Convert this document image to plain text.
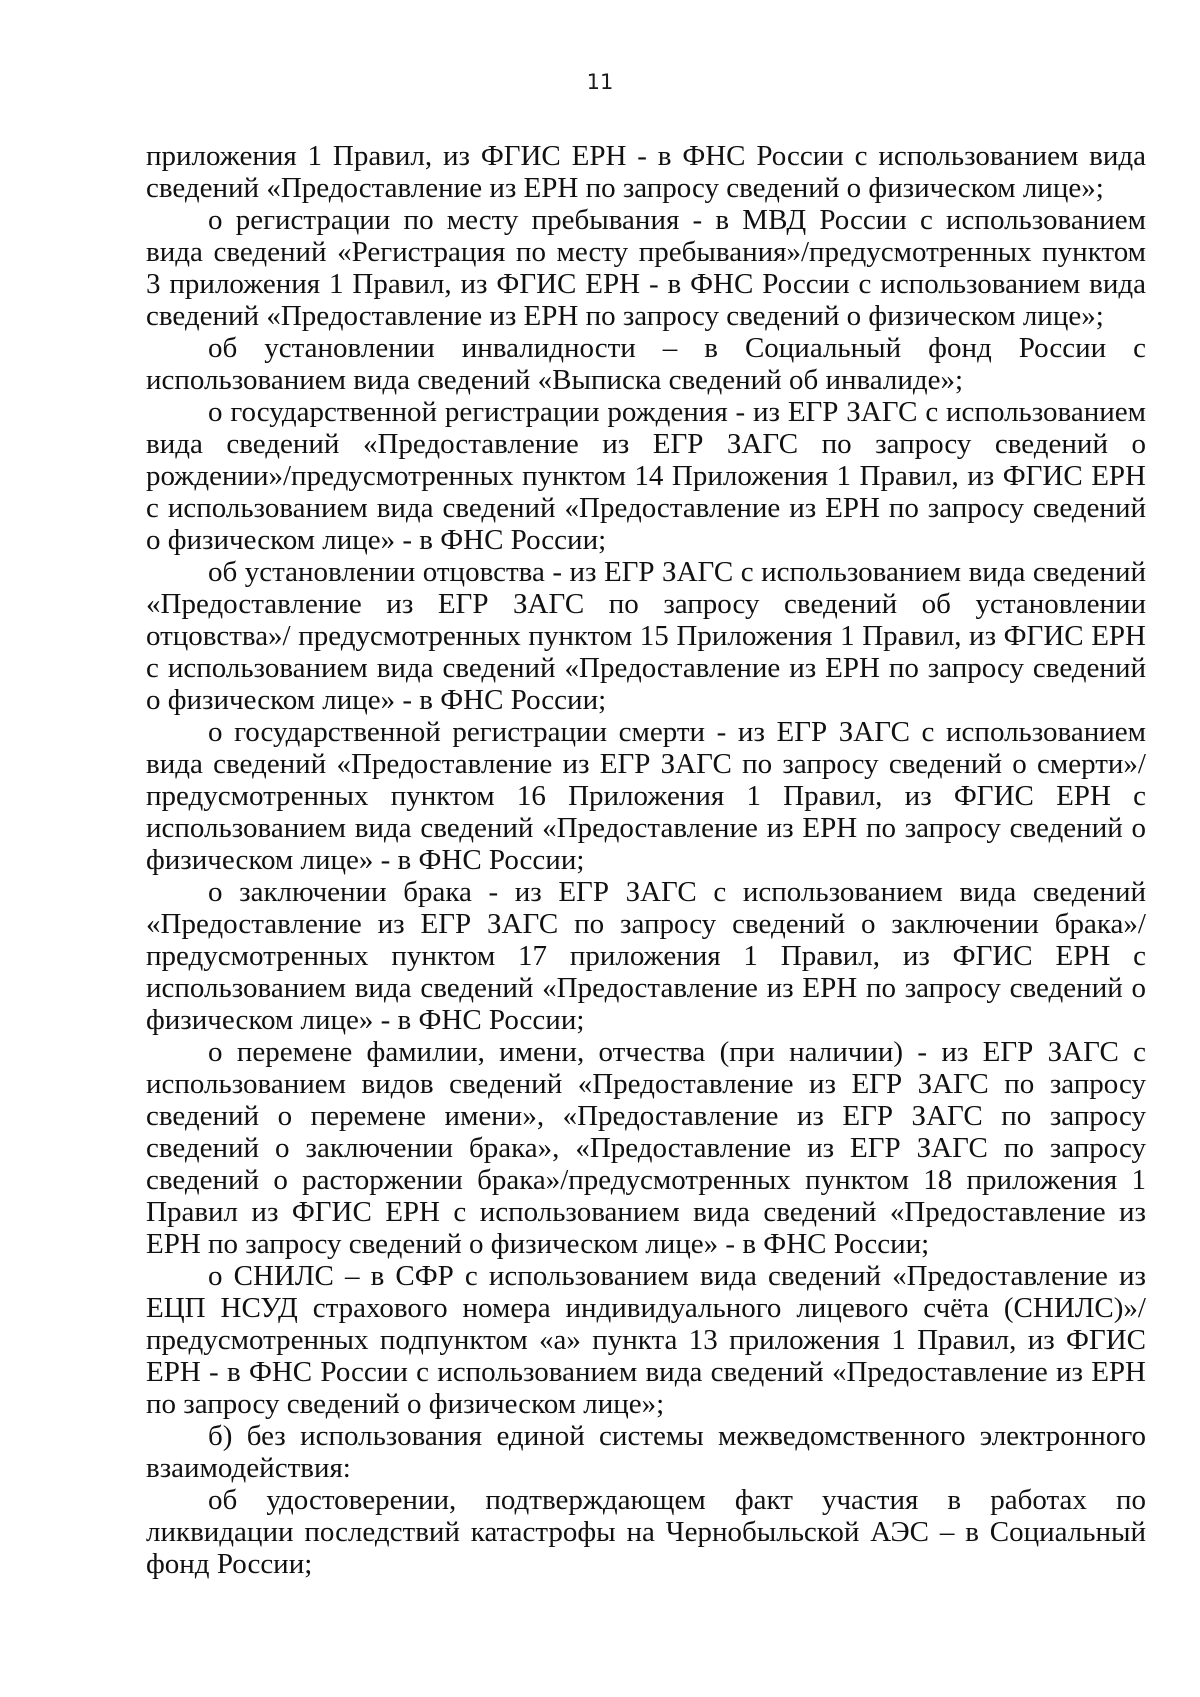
11

приложения 1 Правил, из ФГИС ЕРН - в ФНС России с использованием вида сведений «Предоставление из ЕРН по запросу сведений о физическом лице»;

о регистрации по месту пребывания - в МВД России с использованием вида сведений «Регистрация по месту пребывания»/предусмотренных пунктом 3 приложения 1 Правил, из ФГИС ЕРН - в ФНС России с использованием вида сведений «Предоставление из ЕРН по запросу сведений о физическом лице»;

об установлении инвалидности – в Социальный фонд России с использованием вида сведений «Выписка сведений об инвалиде»;

о государственной регистрации рождения - из ЕГР ЗАГС с использованием вида сведений «Предоставление из ЕГР ЗАГС по запросу сведений о рождении»/предусмотренных пунктом 14 Приложения 1 Правил, из ФГИС ЕРН с использованием вида сведений «Предоставление из ЕРН по запросу сведений о физическом лице» - в ФНС России;

об установлении отцовства - из ЕГР ЗАГС с использованием вида сведений «Предоставление из ЕГР ЗАГС по запросу сведений об установлении отцовства»/ предусмотренных пунктом 15 Приложения 1 Правил, из ФГИС ЕРН с использованием вида сведений «Предоставление из ЕРН по запросу сведений о физическом лице» - в ФНС России;

о государственной регистрации смерти - из ЕГР ЗАГС с использованием вида сведений «Предоставление из ЕГР ЗАГС по запросу сведений о смерти»/ предусмотренных пунктом 16 Приложения 1 Правил, из ФГИС ЕРН с использованием вида сведений «Предоставление из ЕРН по запросу сведений о физическом лице» - в ФНС России;

о заключении брака - из ЕГР ЗАГС с использованием вида сведений «Предоставление из ЕГР ЗАГС по запросу сведений о заключении брака»/ предусмотренных пунктом 17 приложения 1 Правил, из ФГИС ЕРН с использованием вида сведений «Предоставление из ЕРН по запросу сведений о физическом лице» - в ФНС России;

о перемене фамилии, имени, отчества (при наличии) - из ЕГР ЗАГС с использованием видов сведений «Предоставление из ЕГР ЗАГС по запросу сведений о перемене имени», «Предоставление из ЕГР ЗАГС по запросу сведений о заключении брака», «Предоставление из ЕГР ЗАГС по запросу сведений о расторжении брака»/предусмотренных пунктом 18 приложения 1 Правил из ФГИС ЕРН с использованием вида сведений «Предоставление из ЕРН по запросу сведений о физическом лице» - в ФНС России;

о СНИЛС – в СФР с использованием вида сведений «Предоставление из ЕЦП НСУД страхового номера индивидуального лицевого счёта (СНИЛС)»/ предусмотренных подпунктом «а» пункта 13 приложения 1 Правил, из ФГИС ЕРН - в ФНС России с использованием вида сведений «Предоставление из ЕРН по запросу сведений о физическом лице»;

б) без использования единой системы межведомственного электронного взаимодействия:

об удостоверении, подтверждающем факт участия в работах по ликвидации последствий катастрофы на Чернобыльской АЭС – в Социальный фонд России;
